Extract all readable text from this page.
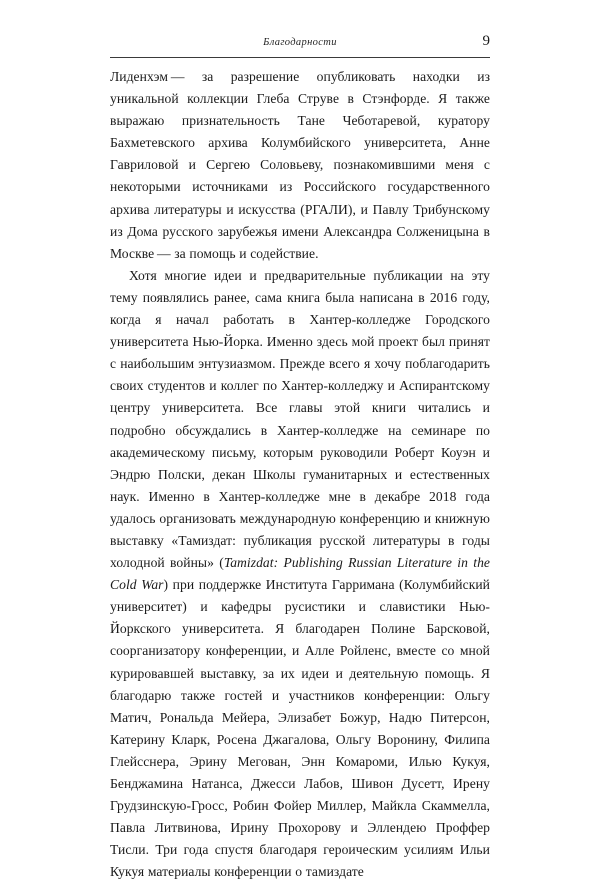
Благодарности	9

Лиденхэм — за разрешение опубликовать находки из уникальной коллекции Глеба Струве в Стэнфорде. Я также выражаю признательность Тане Чеботаревой, куратору Бахметевского архива Колумбийского университета, Анне Гавриловой и Сергею Соловьеву, познакомившими меня с некоторыми источниками из Российского государственного архива литературы и искусства (РГАЛИ), и Павлу Трибунскому из Дома русского зарубежья имени Александра Солженицына в Москве — за помощь и содействие.

Хотя многие идеи и предварительные публикации на эту тему появлялись ранее, сама книга была написана в 2016 году, когда я начал работать в Хантер-колледже Городского университета Нью-Йорка. Именно здесь мой проект был принят с наибольшим энтузиазмом. Прежде всего я хочу поблагодарить своих студентов и коллег по Хантер-колледжу и Аспирантскому центру университета. Все главы этой книги читались и подробно обсуждались в Хантер-колледже на семинаре по академическому письму, которым руководили Роберт Коуэн и Эндрю Полски, декан Школы гуманитарных и естественных наук. Именно в Хантер-колледже мне в декабре 2018 года удалось организовать международную конференцию и книжную выставку «Тамиздат: публикация русской литературы в годы холодной войны» (Tamizdat: Publishing Russian Literature in the Cold War) при поддержке Института Гарримана (Колумбийский университет) и кафедры русистики и славистики Нью-Йоркского университета. Я благодарен Полине Барсковой, соорганизатору конференции, и Алле Ройленс, вместе со мной курировавшей выставку, за их идеи и деятельную помощь. Я благодарю также гостей и участников конференции: Ольгу Матич, Рональда Мейера, Элизабет Божур, Надю Питерсон, Катерину Кларк, Росена Джагалова, Ольгу Воронину, Филипа Глейсснера, Эрину Мегован, Энн Комароми, Илью Кукуя, Бенджамина Натанса, Джесси Лабов, Шивон Дусетт, Ирену Грудзинскую-Гросс, Робин Фойер Миллер, Майкла Скаммелла, Павла Литвинова, Ирину Прохорову и Эллендею Проффер Тисли. Три года спустя благодаря героическим усилиям Ильи Кукуя материалы конференции о тамиздате
